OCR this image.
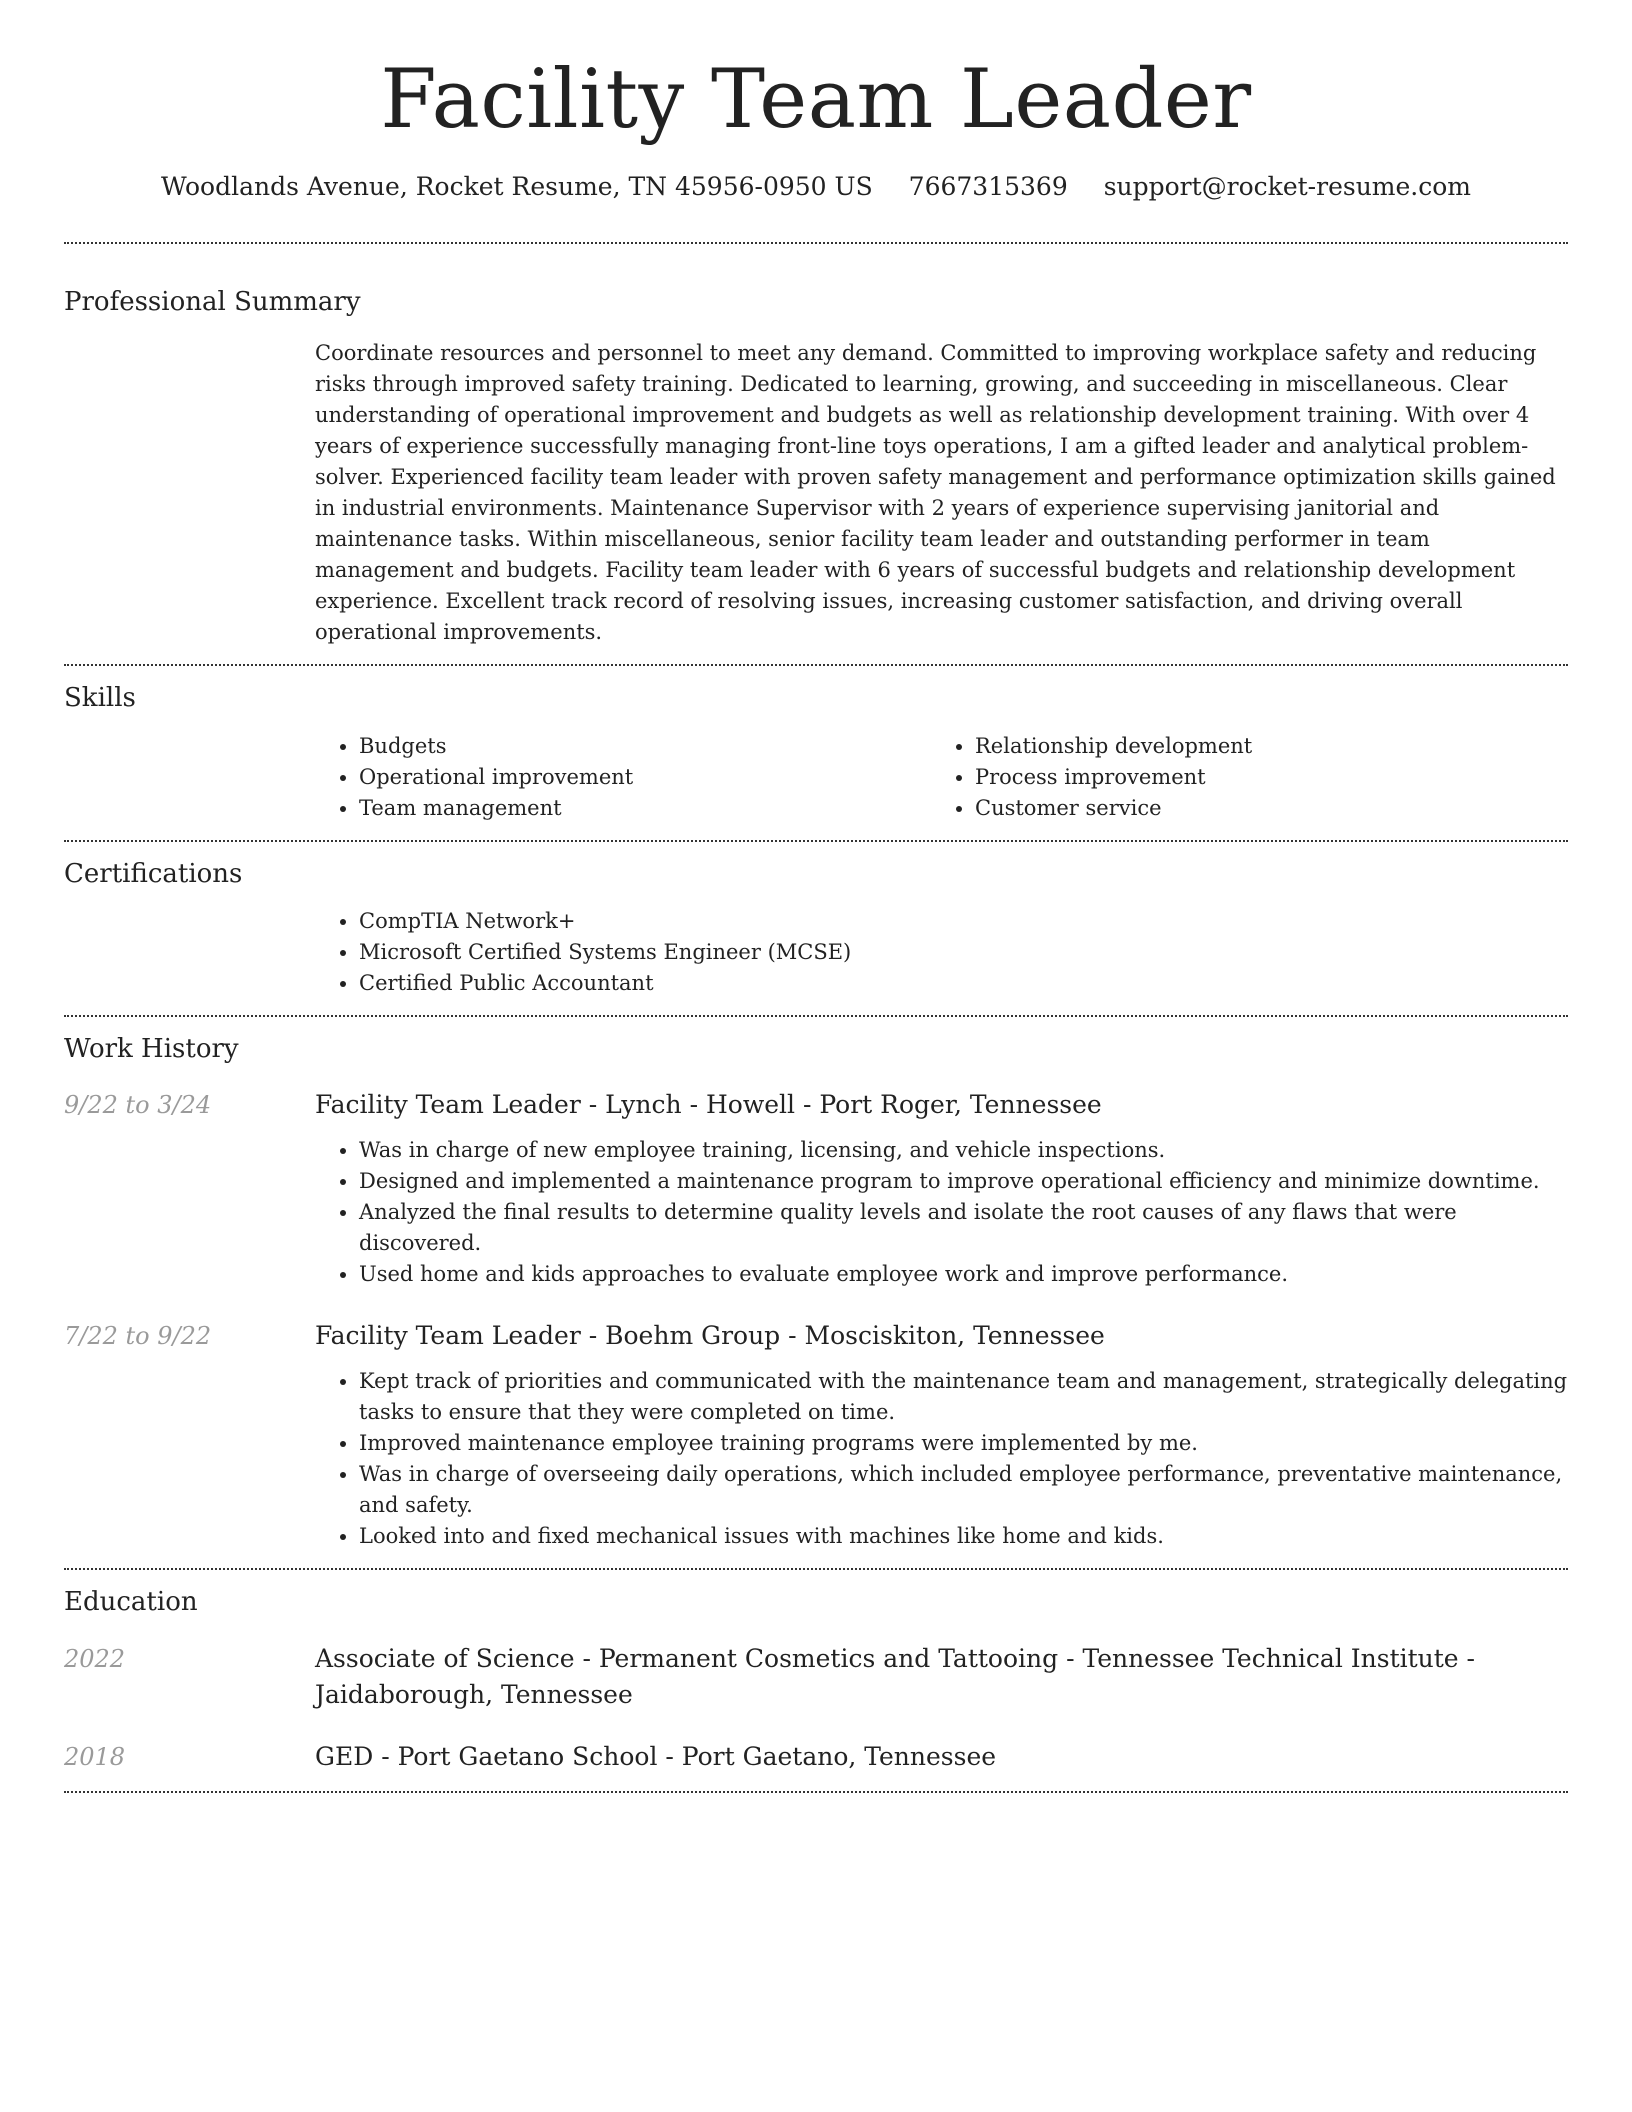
Facility Team Leader
Woodlands Avenue, Rocket Resume, TN 45956-0950 US 7667315369 support@rocket-resume.com
Professional Summary
Coordinate resources and personnel to meet any demand. Committed to improving workplace safety and reducing risks through improved safety training. Dedicated to learning, growing, and succeeding in miscellaneous. Clear understanding of operational improvement and budgets as well as relationship development training. With over 4 years of experience successfully managing front-line toys operations, I am a gifted leader and analytical problem-solver. Experienced facility team leader with proven safety management and performance optimization skills gained in industrial environments. Maintenance Supervisor with 2 years of experience supervising janitorial and maintenance tasks. Within miscellaneous, senior facility team leader and outstanding performer in team management and budgets. Facility team leader with 6 years of successful budgets and relationship development experience. Excellent track record of resolving issues, increasing customer satisfaction, and driving overall operational improvements.
Skills
• Budgets
• Operational improvement
• Team management
• Relationship development
• Process improvement
• Customer service
Certifications
• CompTIA Network+
• Microsoft Certified Systems Engineer (MCSE)
• Certified Public Accountant
Work History
9/22 to 3/24	Facility Team Leader - Lynch - Howell - Port Roger, Tennessee
• Was in charge of new employee training, licensing, and vehicle inspections.
• Designed and implemented a maintenance program to improve operational efficiency and minimize downtime.
• Analyzed the final results to determine quality levels and isolate the root causes of any flaws that were discovered.
• Used home and kids approaches to evaluate employee work and improve performance.
7/22 to 9/22	Facility Team Leader - Boehm Group - Mosciskiton, Tennessee
• Kept track of priorities and communicated with the maintenance team and management, strategically delegating tasks to ensure that they were completed on time.
• Improved maintenance employee training programs were implemented by me.
• Was in charge of overseeing daily operations, which included employee performance, preventative maintenance, and safety.
• Looked into and fixed mechanical issues with machines like home and kids.
Education
2022	Associate of Science - Permanent Cosmetics and Tattooing - Tennessee Technical Institute - Jaidaborough, Tennessee
2018	GED - Port Gaetano School - Port Gaetano, Tennessee
